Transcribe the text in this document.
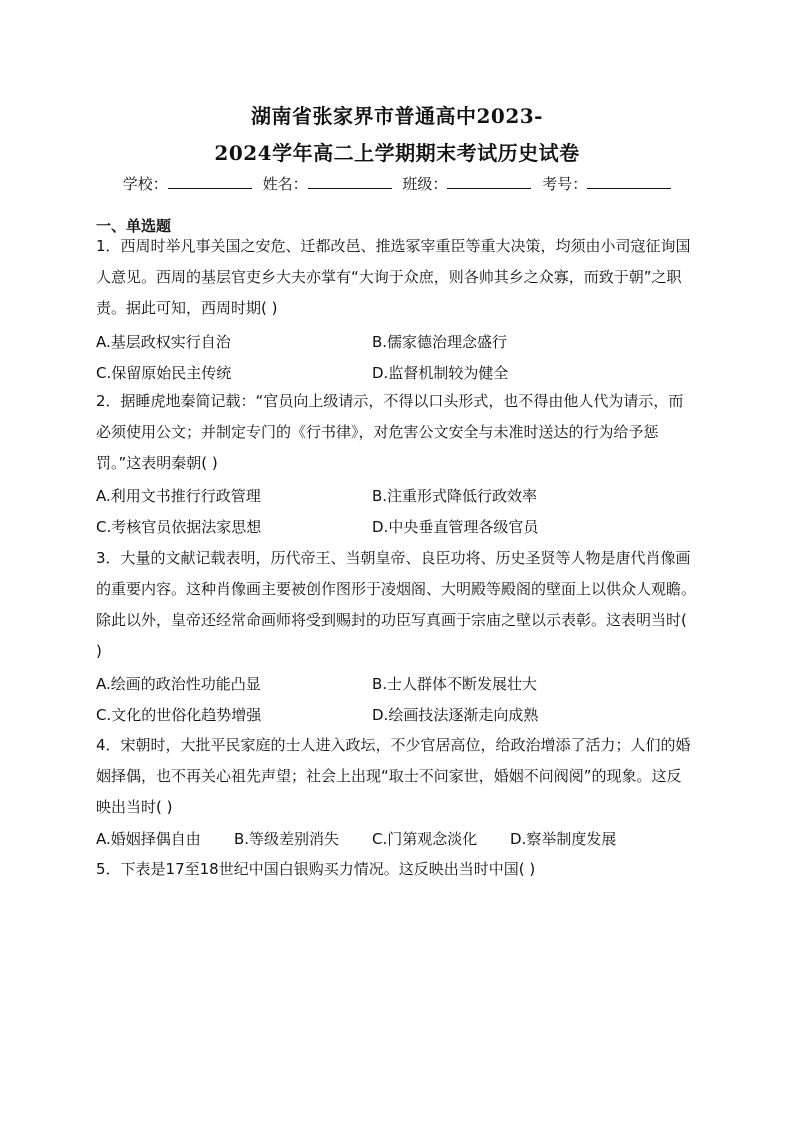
湖南省张家界市普通高中2023-
2024学年高二上学期期末考试历史试卷
学校：	姓名：	班级：	考号：
一、单选题
1．西周时举凡事关国之安危、迁都改邑、推选冢宰重臣等重大决策，均须由小司寇征询国人意见。西周的基层官吏乡大夫亦掌有“大询于众庶，则各帅其乡之众寡，而致于朝”之职责。据此可知，西周时期( )
A.基层政权实行自治	B.儒家德治理念盛行
C.保留原始民主传统	D.监督机制较为健全
2．据睡虎地秦简记载：“官员向上级请示，不得以口头形式，也不得由他人代为请示，而必须使用公文；并制定专门的《行书律》，对危害公文安全与未准时送达的行为给予惩罚。”这表明秦朝( )
A.利用文书推行行政管理	B.注重形式降低行政效率
C.考核官员依据法家思想	D.中央垂直管理各级官员
3．大量的文献记载表明，历代帝王、当朝皇帝、良臣功将、历史圣贤等人物是唐代肖像画的重要内容。这种肖像画主要被创作图形于凌烟阁、大明殿等殿阁的壁面上以供众人观瞻。除此以外，皇帝还经常命画师将受到赐封的功臣写真画于宗庙之壁以示表彰。这表明当时( )
A.绘画的政治性功能凸显	B.士人群体不断发展壮大
C.文化的世俗化趋势增强	D.绘画技法逐渐走向成熟
4．宋朝时，大批平民家庭的士人进入政坛，不少官居高位，给政治增添了活力；人们的婚姻择偶，也不再关心祖先声望；社会上出现“取士不问家世，婚姻不问阀阅”的现象。这反映出当时( )
A.婚姻择偶自由 B.等级差别消失 C.门第观念淡化 D.察举制度发展
5．下表是17至18世纪中国白银购买力情况。这反映出当时中国( )
